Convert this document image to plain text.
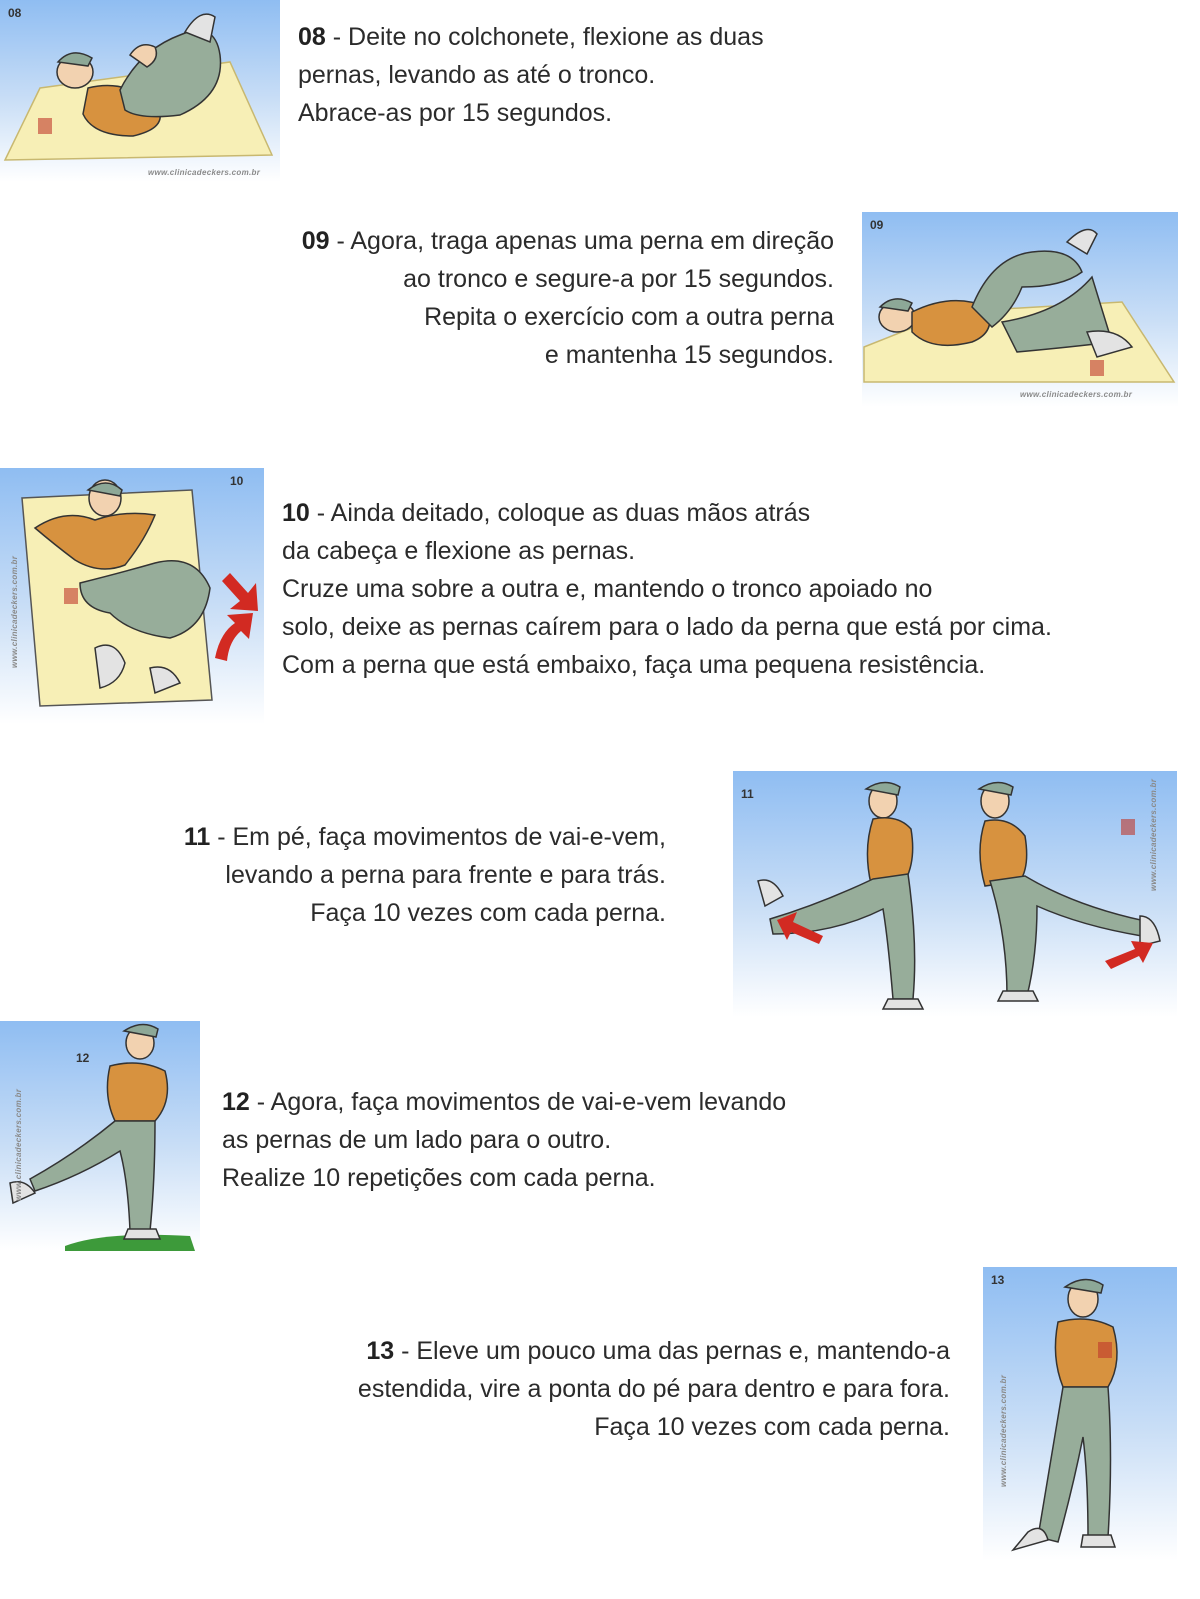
08
www.clinicadeckers.com.br

08 - Deite no colchonete, flexione as duas

pernas, levando as até o tronco.

Abrace-as por 15 segundos.

09
www.clinicadeckers.com.br

09 - Agora, traga apenas uma perna em direção

ao tronco e segure-a por 15 segundos.

Repita o exercício com a outra perna

e mantenha 15 segundos.

10
www.clinicadeckers.com.br

10 - Ainda deitado, coloque as duas mãos atrás

da cabeça e flexione as pernas.

Cruze uma sobre a outra e, mantendo o tronco apoiado no

solo, deixe as pernas caírem para o lado da perna que está por cima.

Com a perna que está embaixo, faça uma pequena resistência.

11	www.clinicadeckers.com.br

11 - Em pé, faça movimentos de vai-e-vem,

levando a perna para frente e para trás.

Faça 10 vezes com cada perna.

12
www.clinicadeckers.com.br	12 - Agora, faça movimentos de vai-e-vem levando

as pernas de um lado para o outro.

Realize 10 repetições com cada perna.

13
www.clinicadeckers.com.br

13 - Eleve um pouco uma das pernas e, mantendo-a

estendida, vire a ponta do pé para dentro e para fora.

Faça 10 vezes com cada perna.
